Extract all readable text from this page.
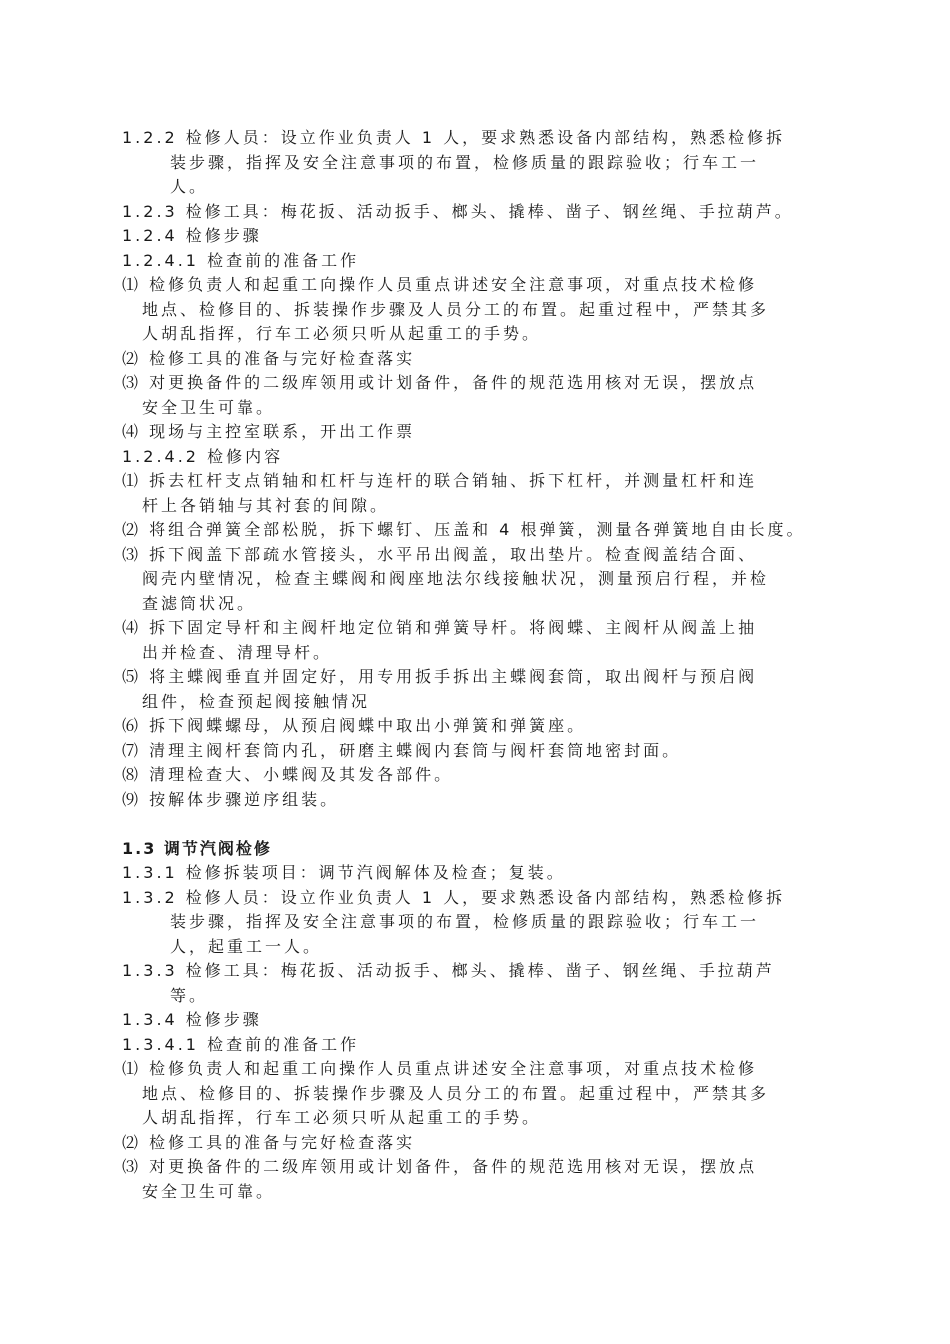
1.2.2 检修人员：设立作业负责人 1 人，要求熟悉设备内部结构，熟悉检修拆
装步骤，指挥及安全注意事项的布置，检修质量的跟踪验收；行车工一
人。
1.2.3 检修工具：梅花扳、活动扳手、榔头、撬棒、凿子、钢丝绳、手拉葫芦。
1.2.4 检修步骤
1.2.4.1 检查前的准备工作
⑴ 检修负责人和起重工向操作人员重点讲述安全注意事项，对重点技术检修
地点、检修目的、拆装操作步骤及人员分工的布置。起重过程中，严禁其多
人胡乱指挥，行车工必须只听从起重工的手势。
⑵ 检修工具的准备与完好检查落实
⑶ 对更换备件的二级库领用或计划备件，备件的规范选用核对无误，摆放点
安全卫生可靠。
⑷ 现场与主控室联系，开出工作票
1.2.4.2 检修内容
⑴ 拆去杠杆支点销轴和杠杆与连杆的联合销轴、拆下杠杆，并测量杠杆和连
杆上各销轴与其衬套的间隙。
⑵ 将组合弹簧全部松脱，拆下螺钉、压盖和 4 根弹簧，测量各弹簧地自由长度。
⑶ 拆下阀盖下部疏水管接头，水平吊出阀盖，取出垫片。检查阀盖结合面、
阀壳内壁情况，检查主蝶阀和阀座地法尔线接触状况，测量预启行程，并检
查滤筒状况。
⑷ 拆下固定导杆和主阀杆地定位销和弹簧导杆。将阀蝶、主阀杆从阀盖上抽
出并检查、清理导杆。
⑸ 将主蝶阀垂直并固定好，用专用扳手拆出主蝶阀套筒，取出阀杆与预启阀
组件，检查预起阀接触情况
⑹ 拆下阀蝶螺母，从预启阀蝶中取出小弹簧和弹簧座。
⑺ 清理主阀杆套筒内孔，研磨主蝶阀内套筒与阀杆套筒地密封面。
⑻ 清理检查大、小蝶阀及其发各部件。
⑼ 按解体步骤逆序组装。
1.3 调节汽阀检修
1.3.1 检修拆装项目：调节汽阀解体及检查；复装。
1.3.2 检修人员：设立作业负责人 1 人，要求熟悉设备内部结构，熟悉检修拆
装步骤，指挥及安全注意事项的布置，检修质量的跟踪验收；行车工一
人，起重工一人。
1.3.3 检修工具：梅花扳、活动扳手、榔头、撬棒、凿子、钢丝绳、手拉葫芦
等。
1.3.4 检修步骤
1.3.4.1 检查前的准备工作
⑴ 检修负责人和起重工向操作人员重点讲述安全注意事项，对重点技术检修
地点、检修目的、拆装操作步骤及人员分工的布置。起重过程中，严禁其多
人胡乱指挥，行车工必须只听从起重工的手势。
⑵ 检修工具的准备与完好检查落实
⑶ 对更换备件的二级库领用或计划备件，备件的规范选用核对无误，摆放点
安全卫生可靠。
